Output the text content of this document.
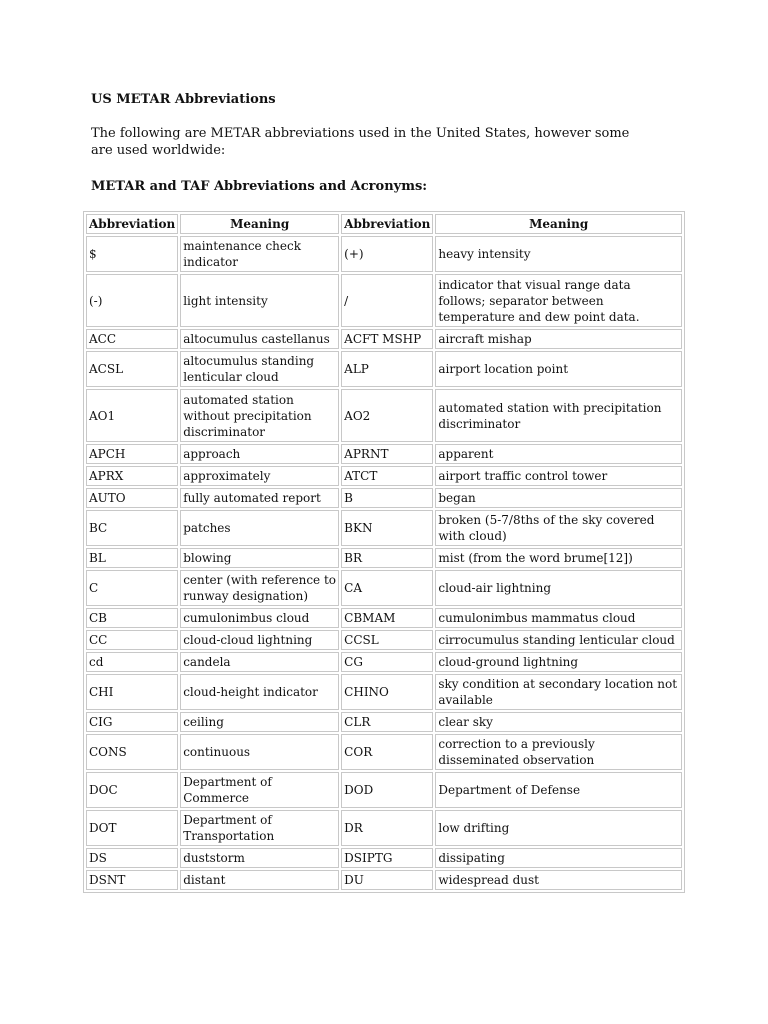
US METAR Abbreviations
The following are METAR abbreviations used in the United States, however some are used worldwide:
METAR and TAF Abbreviations and Acronyms:
Abbreviation	Meaning	Abbreviation	Meaning
$	maintenance check indicator	(+)	heavy intensity
(-)	light intensity	/	indicator that visual range data follows; separator between temperature and dew point data.
ACC	altocumulus castellanus	ACFT MSHP	aircraft mishap
ACSL	altocumulus standing lenticular cloud	ALP	airport location point
AO1	automated station without precipitation discriminator	AO2	automated station with precipitation discriminator
APCH	approach	APRNT	apparent
APRX	approximately	ATCT	airport traffic control tower
AUTO	fully automated report	B	began
BC	patches	BKN	broken (5-7/8ths of the sky covered with cloud)
BL	blowing	BR	mist (from the word brume[12])
C	center (with reference to runway designation)	CA	cloud-air lightning
CB	cumulonimbus cloud	CBMAM	cumulonimbus mammatus cloud
CC	cloud-cloud lightning	CCSL	cirrocumulus standing lenticular cloud
cd	candela	CG	cloud-ground lightning
CHI	cloud-height indicator	CHINO	sky condition at secondary location not available
CIG	ceiling	CLR	clear sky
CONS	continuous	COR	correction to a previously disseminated observation
DOC	Department of Commerce	DOD	Department of Defense
DOT	Department of Transportation	DR	low drifting
DS	duststorm	DSIPTG	dissipating
DSNT	distant	DU	widespread dust
